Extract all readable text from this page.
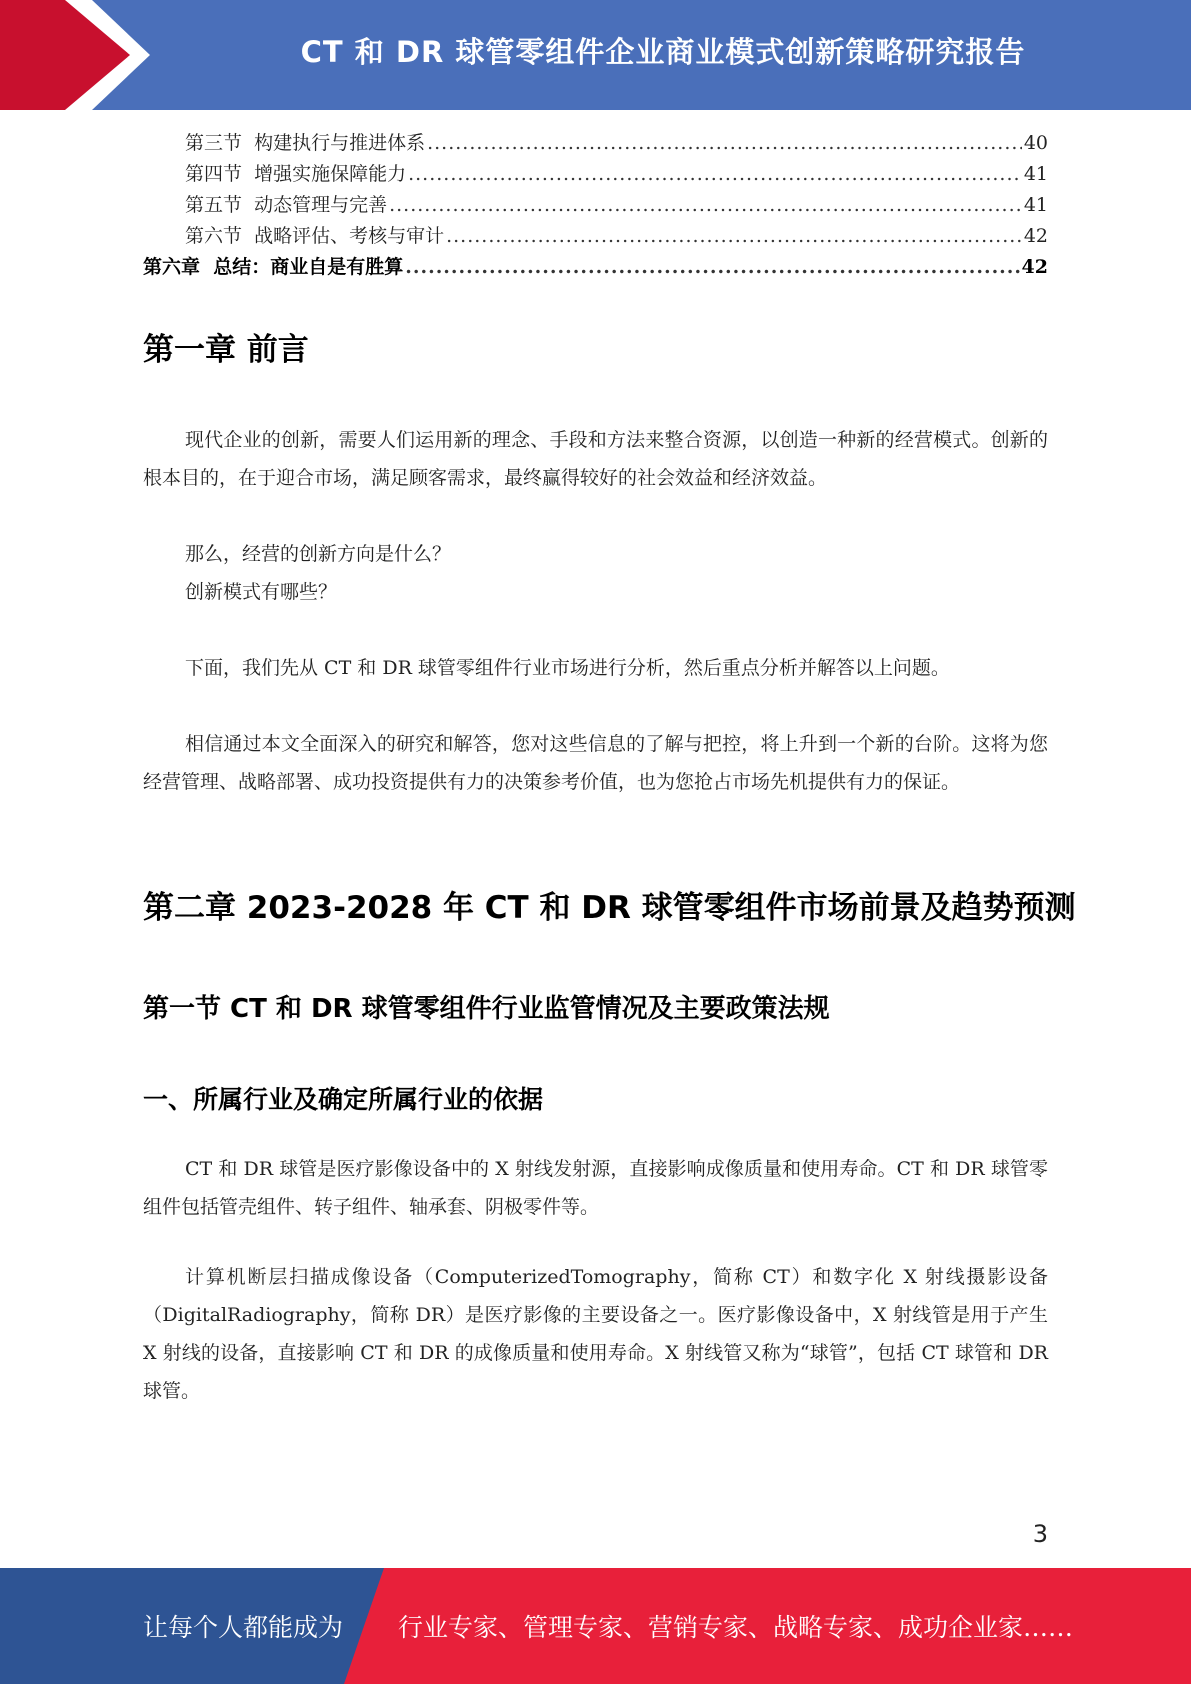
CT 和 DR 球管零组件企业商业模式创新策略研究报告
第三节  构建执行与推进体系 .....	40
第四节  增强实施保障能力 .....	41
第五节  动态管理与完善 .....	41
第六节  战略评估、考核与审计 .....	42
第六章  总结：商业自是有胜算 .....	42
第一章 前言

现代企业的创新，需要人们运用新的理念、手段和方法来整合资源，以创造一种新的经营模式。创新的根本目的，在于迎合市场，满足顾客需求，最终赢得较好的社会效益和经济效益。

那么，经营的创新方向是什么？

创新模式有哪些？

下面，我们先从 CT 和 DR 球管零组件行业市场进行分析，然后重点分析并解答以上问题。

相信通过本文全面深入的研究和解答，您对这些信息的了解与把控，将上升到一个新的台阶。这将为您经营管理、战略部署、成功投资提供有力的决策参考价值，也为您抢占市场先机提供有力的保证。

第二章 2023-2028 年 CT 和 DR 球管零组件市场前景及趋势预测
第一节 CT 和 DR 球管零组件行业监管情况及主要政策法规
一、所属行业及确定所属行业的依据

CT 和 DR 球管是医疗影像设备中的 X 射线发射源，直接影响成像质量和使用寿命。CT 和 DR 球管零组件包括管壳组件、转子组件、轴承套、阴极零件等。

计算机断层扫描成像设备（ComputerizedTomography，简称 CT）和数字化 X 射线摄影设备（DigitalRadiography，简称 DR）是医疗影像的主要设备之一。医疗影像设备中，X 射线管是用于产生 X 射线的设备，直接影响 CT 和 DR 的成像质量和使用寿命。X 射线管又称为“球管”，包括 CT 球管和 DR 球管。

3
让每个人都能成为 行业专家、管理专家、营销专家、战略专家、成功企业家……
